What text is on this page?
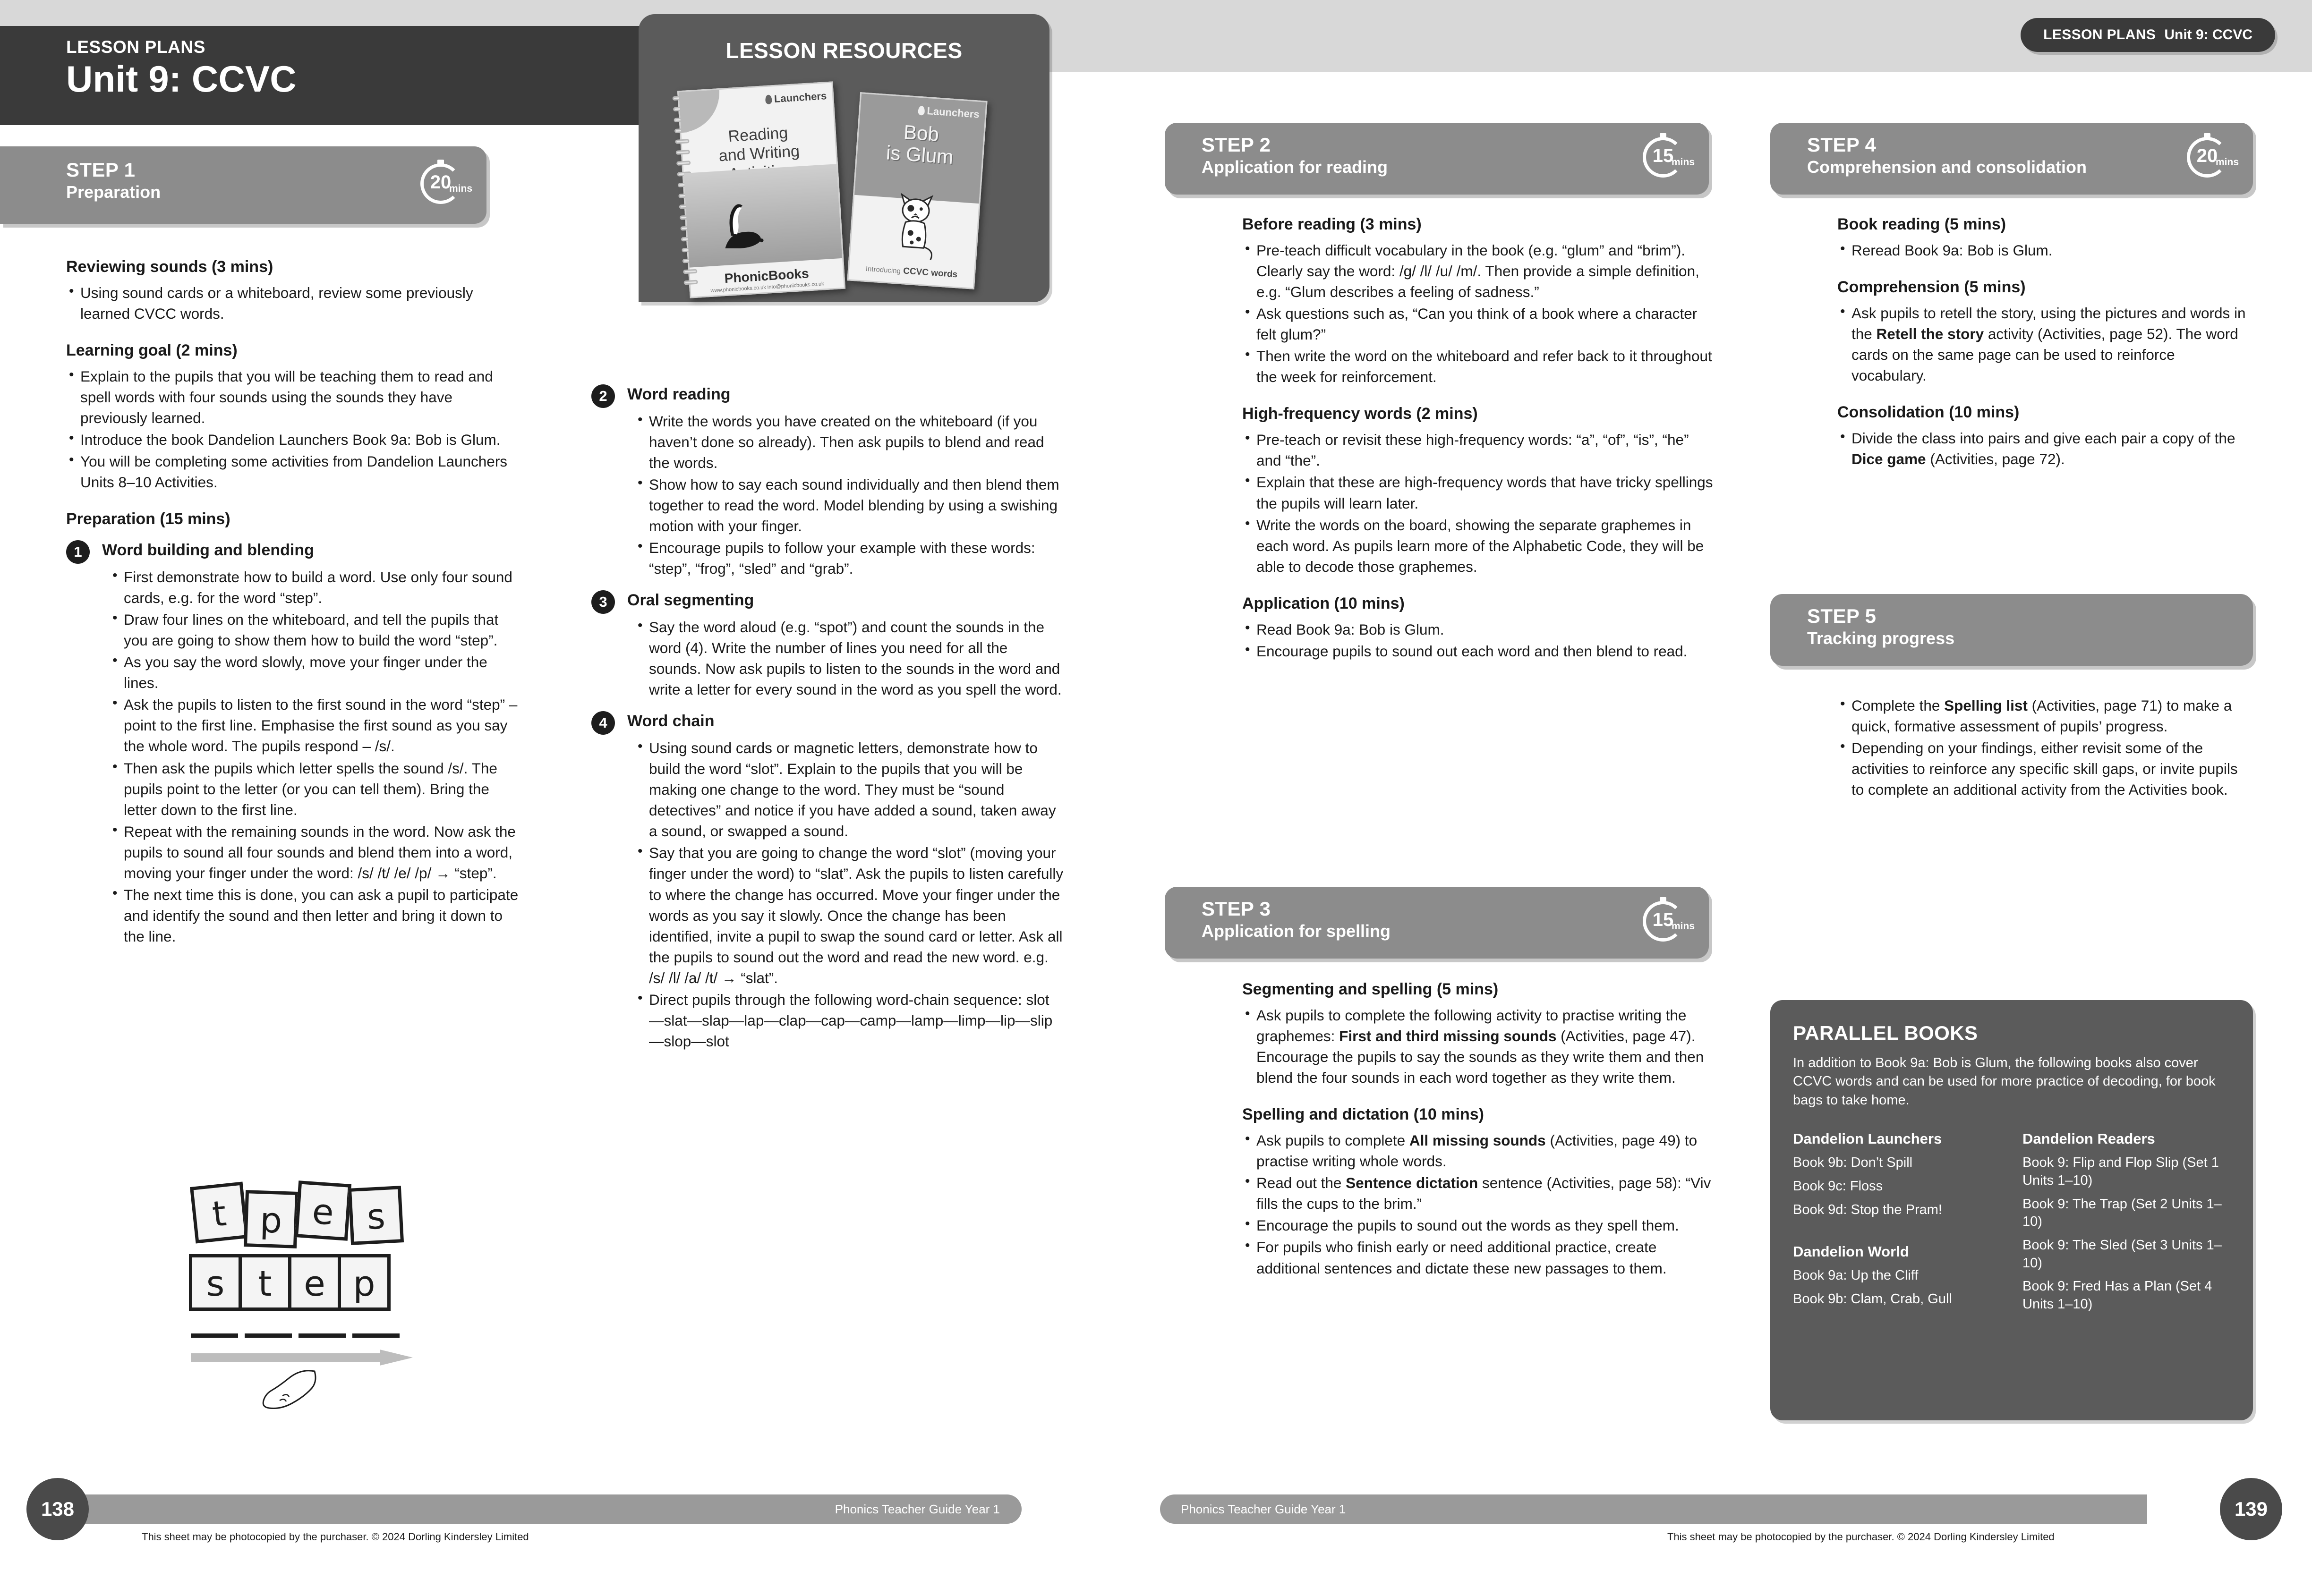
LESSON PLANS
Unit 9: CCVC
LESSON RESOURCES
Launchers
Reading
and Writing
PhonicBooks
www.phonicbooks.co.uk info@phonicbooks.co.uk
Launchers
Bob
is Glum
Introducing CCVC words
STEP 1
Preparation	20
mins
Reviewing sounds (3 mins)
• Using sound cards or a whiteboard, review some previously learned CVCC words.
Learning goal (2 mins)
• Explain to the pupils that you will be teaching them to read and spell words with four sounds using the sounds they have previously learned.
• Introduce the book Dandelion Launchers Book 9a: Bob is Glum.
• You will be completing some activities from Dandelion Launchers Units 8–10 Activities.
Preparation (15 mins)
1	Word building and blending
• First demonstrate how to build a word. Use only four sound cards, e.g. for the word “step”.
• Draw four lines on the whiteboard, and tell the pupils that you are going to show them how to build the word “step”.
• As you say the word slowly, move your finger under the lines.
• Ask the pupils to listen to the first sound in the word “step” – point to the first line. Emphasise the first sound as you say the whole word. The pupils respond – /s/.
• Then ask the pupils which letter spells the sound /s/. The pupils point to the letter (or you can tell them). Bring the letter down to the first line.
• Repeat with the remaining sounds in the word. Now ask the pupils to sound all four sounds and blend them into a word, moving your finger under the word: /s/ /t/ /e/ /p/ → “step”.
• The next time this is done, you can ask a pupil to participate and identify the sound and then letter and bring it down to the line.
2	Word reading
• Write the words you have created on the whiteboard (if you haven’t done so already). Then ask pupils to blend and read the words.
• Show how to say each sound individually and then blend them together to read the word. Model blending by using a swishing motion with your finger.
• Encourage pupils to follow your example with these words: “step”, “frog”, “sled” and “grab”.
3	Oral segmenting
• Say the word aloud (e.g. “spot”) and count the sounds in the word (4). Write the number of lines you need for all the sounds. Now ask pupils to listen to the sounds in the word and write a letter for every sound in the word as you spell the word.
4	Word chain
• Using sound cards or magnetic letters, demonstrate how to build the word “slot”. Explain to the pupils that you will be making one change to the word. They must be “sound detectives” and notice if you have added a sound, taken away a sound, or swapped a sound.
• Say that you are going to change the word “slot” (moving your finger under the word) to “slat”. Ask the pupils to listen carefully to where the change has occurred. Move your finger under the words as you say it slowly. Once the change has been identified, invite a pupil to swap the sound card or letter. Ask all the pupils to sound out the word and read the new word. e.g. /s/ /l/ /a/ /t/ → “slat”.
• Direct pupils through the following word-chain sequence: slot—slat—slap—lap—clap—cap—camp—lamp—limp—lip—slip—slop—slot
t p e s
s t e p
Phonics Teacher Guide Year 1
138
This sheet may be photocopied by the purchaser. © 2024 Dorling Kindersley Limited
LESSON PLANS Unit 9: CCVC
STEP 2
Application for reading
15
mins
Before reading (3 mins)
• Pre-teach difficult vocabulary in the book (e.g. “glum” and “brim”). Clearly say the word: /g/ /l/ /u/ /m/. Then provide a simple definition, e.g. “Glum describes a feeling of sadness.”
• Ask questions such as, “Can you think of a book where a character felt glum?”
• Then write the word on the whiteboard and refer back to it throughout the week for reinforcement.
High-frequency words (2 mins)
• Pre-teach or revisit these high-frequency words: “a”, “of”, “is”, “he” and “the”.
• Explain that these are high-frequency words that have tricky spellings the pupils will learn later.
• Write the words on the board, showing the separate graphemes in each word. As pupils learn more of the Alphabetic Code, they will be able to decode those graphemes.
Application (10 mins)
• Read Book 9a: Bob is Glum.
• Encourage pupils to sound out each word and then blend to read.
STEP 3
Application for spelling
15
mins
Segmenting and spelling (5 mins)
• Ask pupils to complete the following activity to practise writing the graphemes: First and third missing sounds (Activities, page 47). Encourage the pupils to say the sounds as they write them and then blend the four sounds in each word together as they write them.
Spelling and dictation (10 mins)
• Ask pupils to complete All missing sounds (Activities, page 49) to practise writing whole words.
• Read out the Sentence dictation sentence (Activities, page 58): “Viv fills the cups to the brim.”
• Encourage the pupils to sound out the words as they spell them.
• For pupils who finish early or need additional practice, create additional sentences and dictate these new passages to them.
STEP 4
Comprehension and consolidation
20
mins
Book reading (5 mins)
• Reread Book 9a: Bob is Glum.
Comprehension (5 mins)
• Ask pupils to retell the story, using the pictures and words in the Retell the story activity (Activities, page 52). The word cards on the same page can be used to reinforce vocabulary.
Consolidation (10 mins)
• Divide the class into pairs and give each pair a copy of the Dice game (Activities, page 72).
STEP 5
Tracking progress
• Complete the Spelling list (Activities, page 71) to make a quick, formative assessment of pupils’ progress.
• Depending on your findings, either revisit some of the activities to reinforce any specific skill gaps, or invite pupils to complete an additional activity from the Activities book.
PARALLEL BOOKS
In addition to Book 9a: Bob is Glum, the following books also cover CCVC words and can be used for more practice of decoding, for book bags to take home.
Dandelion Launchers

Book 9b: Don’t Spill

Book 9c: Floss

Book 9d: Stop the Pram!

Dandelion World

Book 9a: Up the Cliff

Book 9b: Clam, Crab, Gull

Dandelion Readers

Book 9: Flip and Flop Slip (Set 1 Units 1–10)

Book 9: The Trap (Set 2 Units 1–10)

Book 9: The Sled (Set 3 Units 1–10)

Book 9: Fred Has a Plan (Set 4 Units 1–10)

Phonics Teacher Guide Year 1	139
This sheet may be photocopied by the purchaser. © 2024 Dorling Kindersley Limited
